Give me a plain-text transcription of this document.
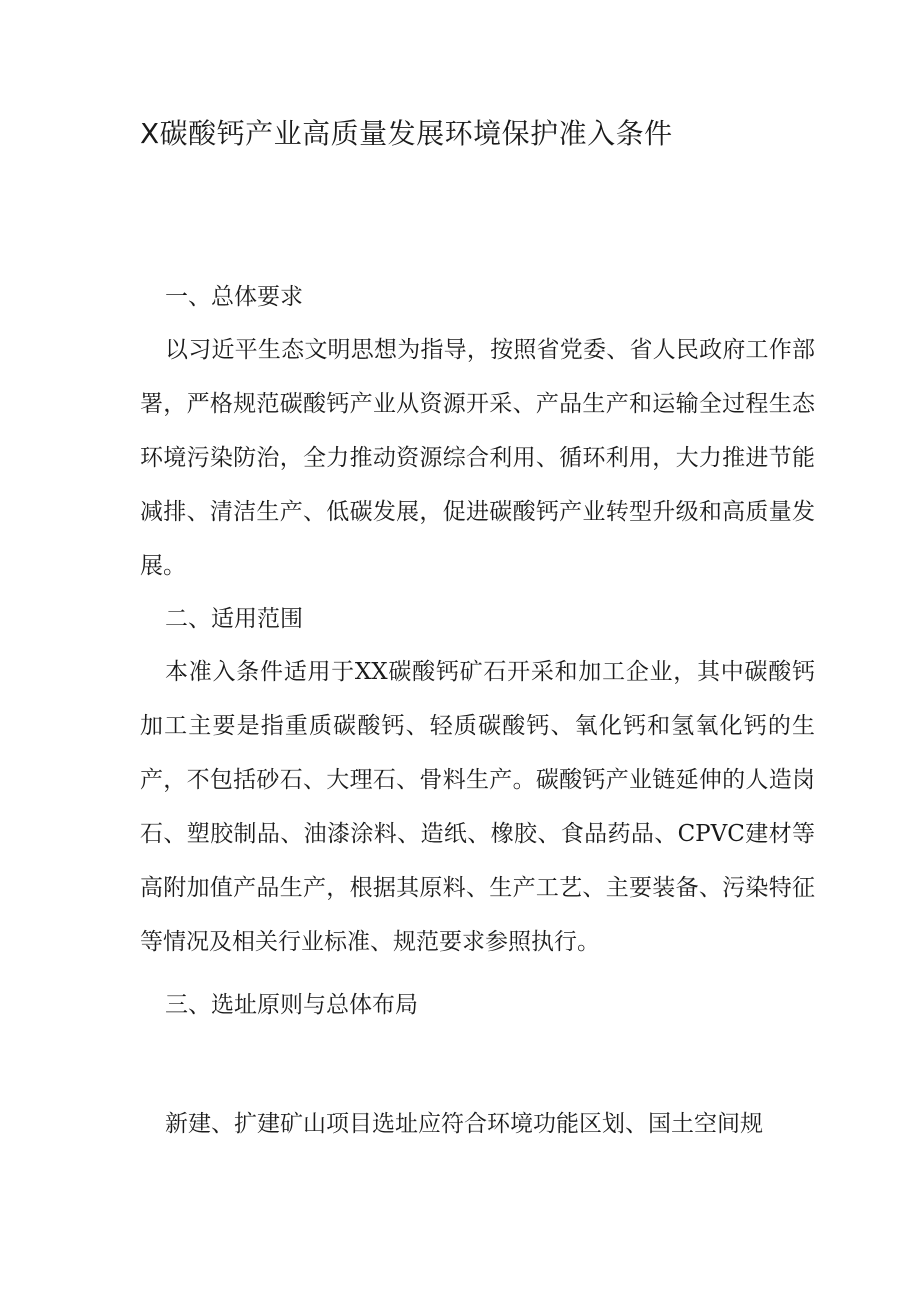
X碳酸钙产业高质量发展环境保护准入条件
一、总体要求
以习近平生态文明思想为指导，按照省党委、省人民政府工作部署，严格规范碳酸钙产业从资源开采、产品生产和运输全过程生态环境污染防治，全力推动资源综合利用、循环利用，大力推进节能减排、清洁生产、低碳发展，促进碳酸钙产业转型升级和高质量发展。
二、适用范围
本准入条件适用于XX碳酸钙矿石开采和加工企业，其中碳酸钙加工主要是指重质碳酸钙、轻质碳酸钙、氧化钙和氢氧化钙的生产，不包括砂石、大理石、骨料生产。碳酸钙产业链延伸的人造岗石、塑胶制品、油漆涂料、造纸、橡胶、食品药品、CPVC建材等高附加值产品生产，根据其原料、生产工艺、主要装备、污染特征等情况及相关行业标准、规范要求参照执行。
三、选址原则与总体布局
新建、扩建矿山项目选址应符合环境功能区划、国土空间规
